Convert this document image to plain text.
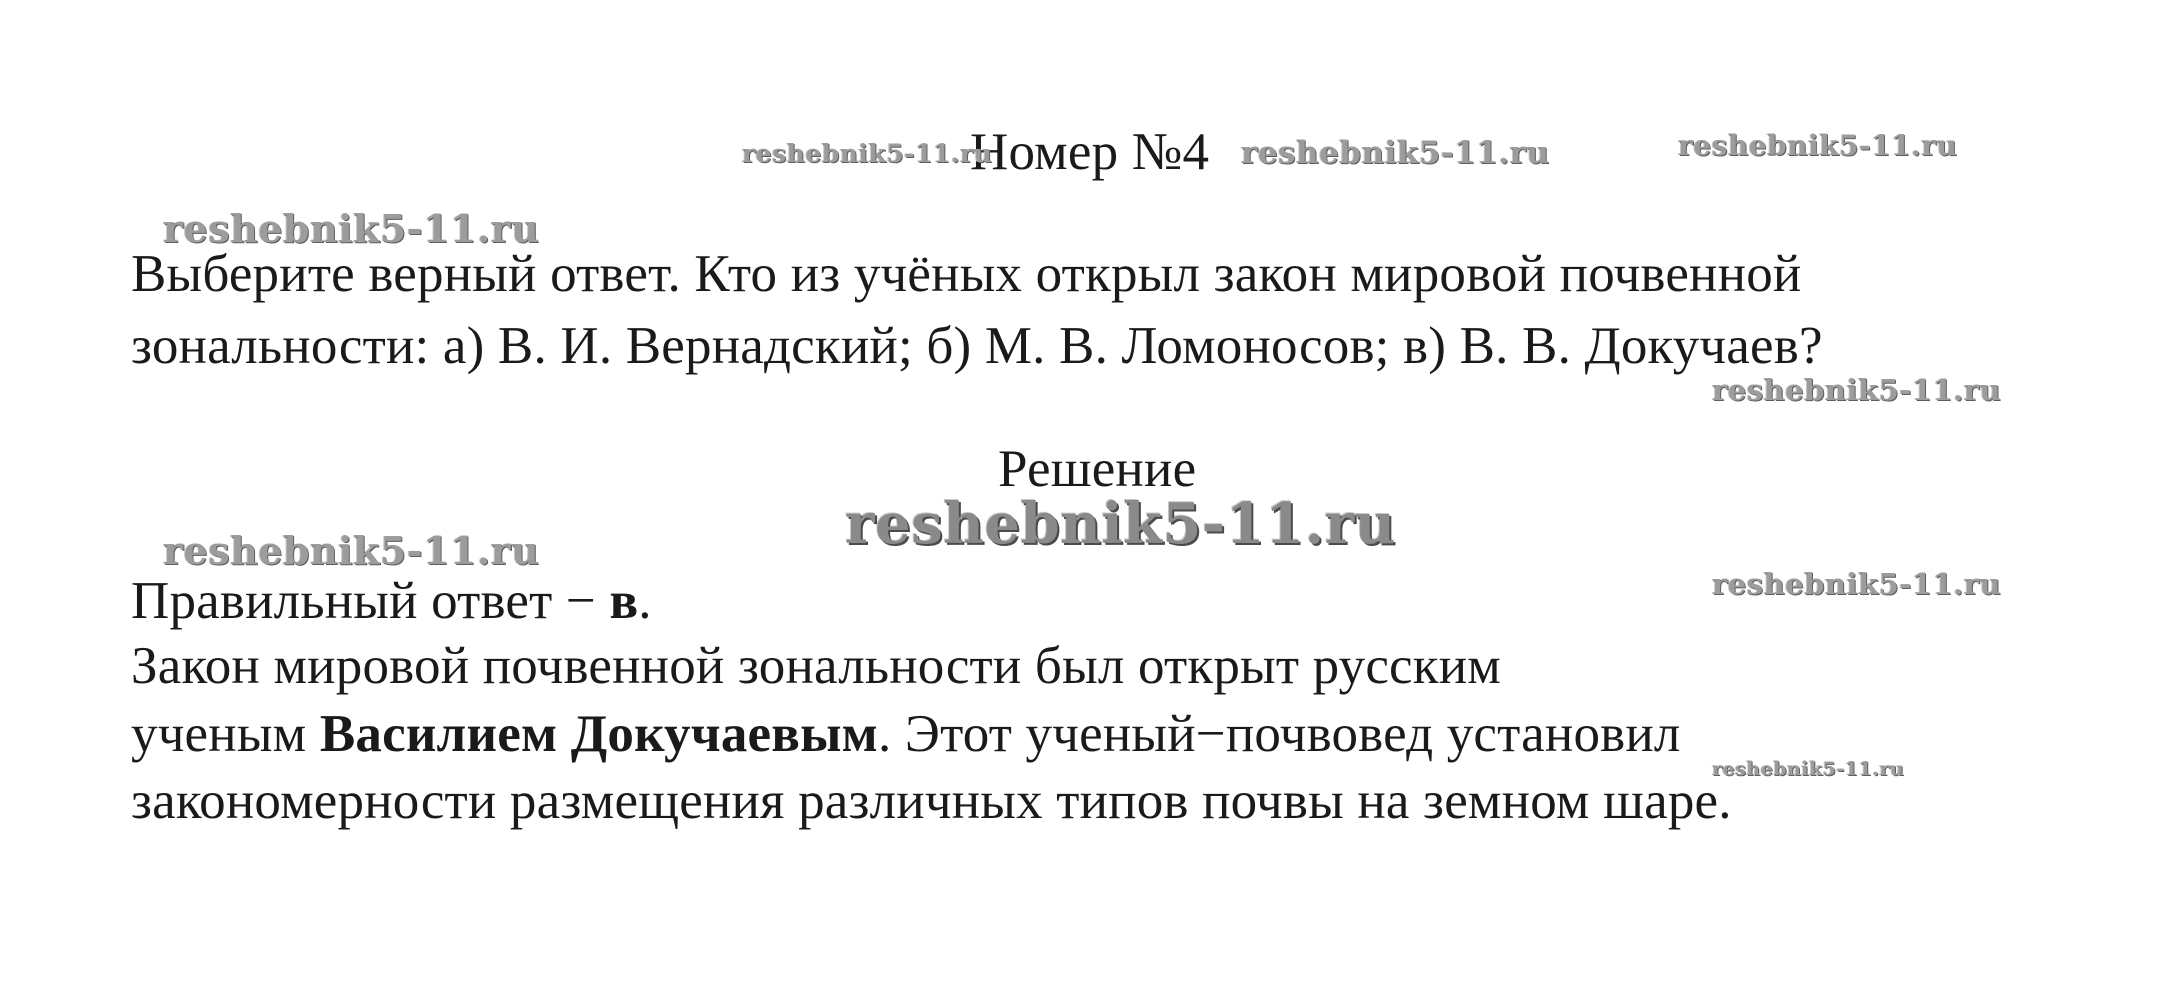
Номер №4
Выберите верный ответ. Кто из учёных открыл закон мировой почвенной
зональности: а) В. И. Вернадский; б) М. В. Ломоносов; в) В. В. Докучаев?
Решение
Правильный ответ − в.
Закон мировой почвенной зональности был открыт русским
ученым Василием Докучаевым. Этот ученый−почвовед установил
закономерности размещения различных типов почвы на земном шаре.
reshebnik5-11.ru	reshebnik5-11.ru	reshebnik5-11.ru
reshebnik5-11.ru
reshebnik5-11.ru
reshebnik5-11.ru
reshebnik5-11.ru
reshebnik5-11.ru
reshebnik5-11.ru
